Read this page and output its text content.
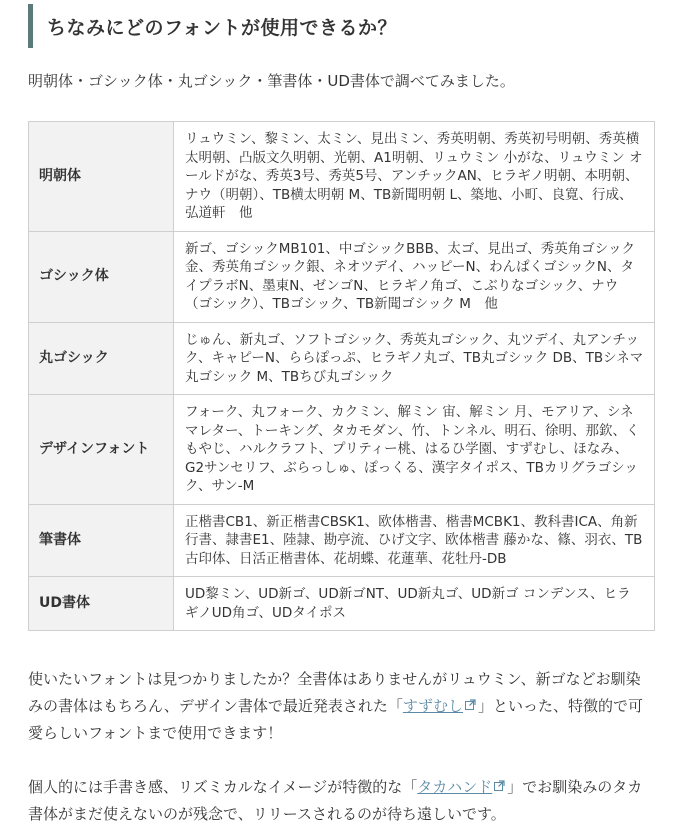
ちなみにどのフォントが使用できるか？

明朝体・ゴシック体・丸ゴシック・筆書体・UD書体で調べてみました。

明朝体	リュウミン、黎ミン、太ミン、見出ミン、秀英明朝、秀英初号明朝、秀英横太明朝、凸版文久明朝、光朝、A1明朝、リュウミン 小がな、リュウミン オールドがな、秀英3号、秀英5号、アンチックAN、ヒラギノ明朝、本明朝、ナウ（明朝）、TB横太明朝 M、TB新聞明朝 L、築地、小町、良寛、行成、弘道軒　他
ゴシック体	新ゴ、ゴシックMB101、中ゴシックBBB、太ゴ、見出ゴ、秀英角ゴシック金、秀英角ゴシック銀、ネオツデイ、ハッピーN、わんぱくゴシックN、タイプラボN、墨東N、ゼンゴN、ヒラギノ角ゴ、こぶりなゴシック、ナウ（ゴシック）、TBゴシック、TB新聞ゴシック M　他
丸ゴシック	じゅん、新丸ゴ、ソフトゴシック、秀英丸ゴシック、丸ツデイ、丸アンチック、キャピーN、ららぽっぷ、ヒラギノ丸ゴ、TB丸ゴシック DB、TBシネマ丸ゴシック M、TBちび丸ゴシック
デザインフォント	フォーク、丸フォーク、カクミン、解ミン 宙、解ミン 月、モアリア、シネマレター、トーキング、タカモダン、竹、トンネル、明石、徐明、那欽、くもやじ、ハルクラフト、プリティー桃、はるひ学園、すずむし、ほなみ、G2サンセリフ、ぶらっしゅ、ぽっくる、漢字タイポス、TBカリグラゴシック、サン-M
筆書体	正楷書CB1、新正楷書CBSK1、欧体楷書、楷書MCBK1、教科書ICA、角新行書、隷書E1、陸隷、勘亭流、ひげ文字、欧体楷書 藤かな、篠、羽衣、TB古印体、日活正楷書体、花胡蝶、花蓮華、花牡丹-DB
UD書体	UD黎ミン、UD新ゴ、UD新ゴNT、UD新丸ゴ、UD新ゴ コンデンス、ヒラギノUD角ゴ、UDタイポス

使いたいフォントは見つかりましたか？全書体はありませんがリュウミン、新ゴなどお馴染みの書体はもちろん、デザイン書体で最近発表された「すずむし 」といった、特徴的で可愛らしいフォントまで使用できます！

個人的には手書き感、リズミカルなイメージが特徴的な「タカハンド 」でお馴染みのタカ書体がまだ使えないのが残念で、リリースされるのが待ち遠しいです。
